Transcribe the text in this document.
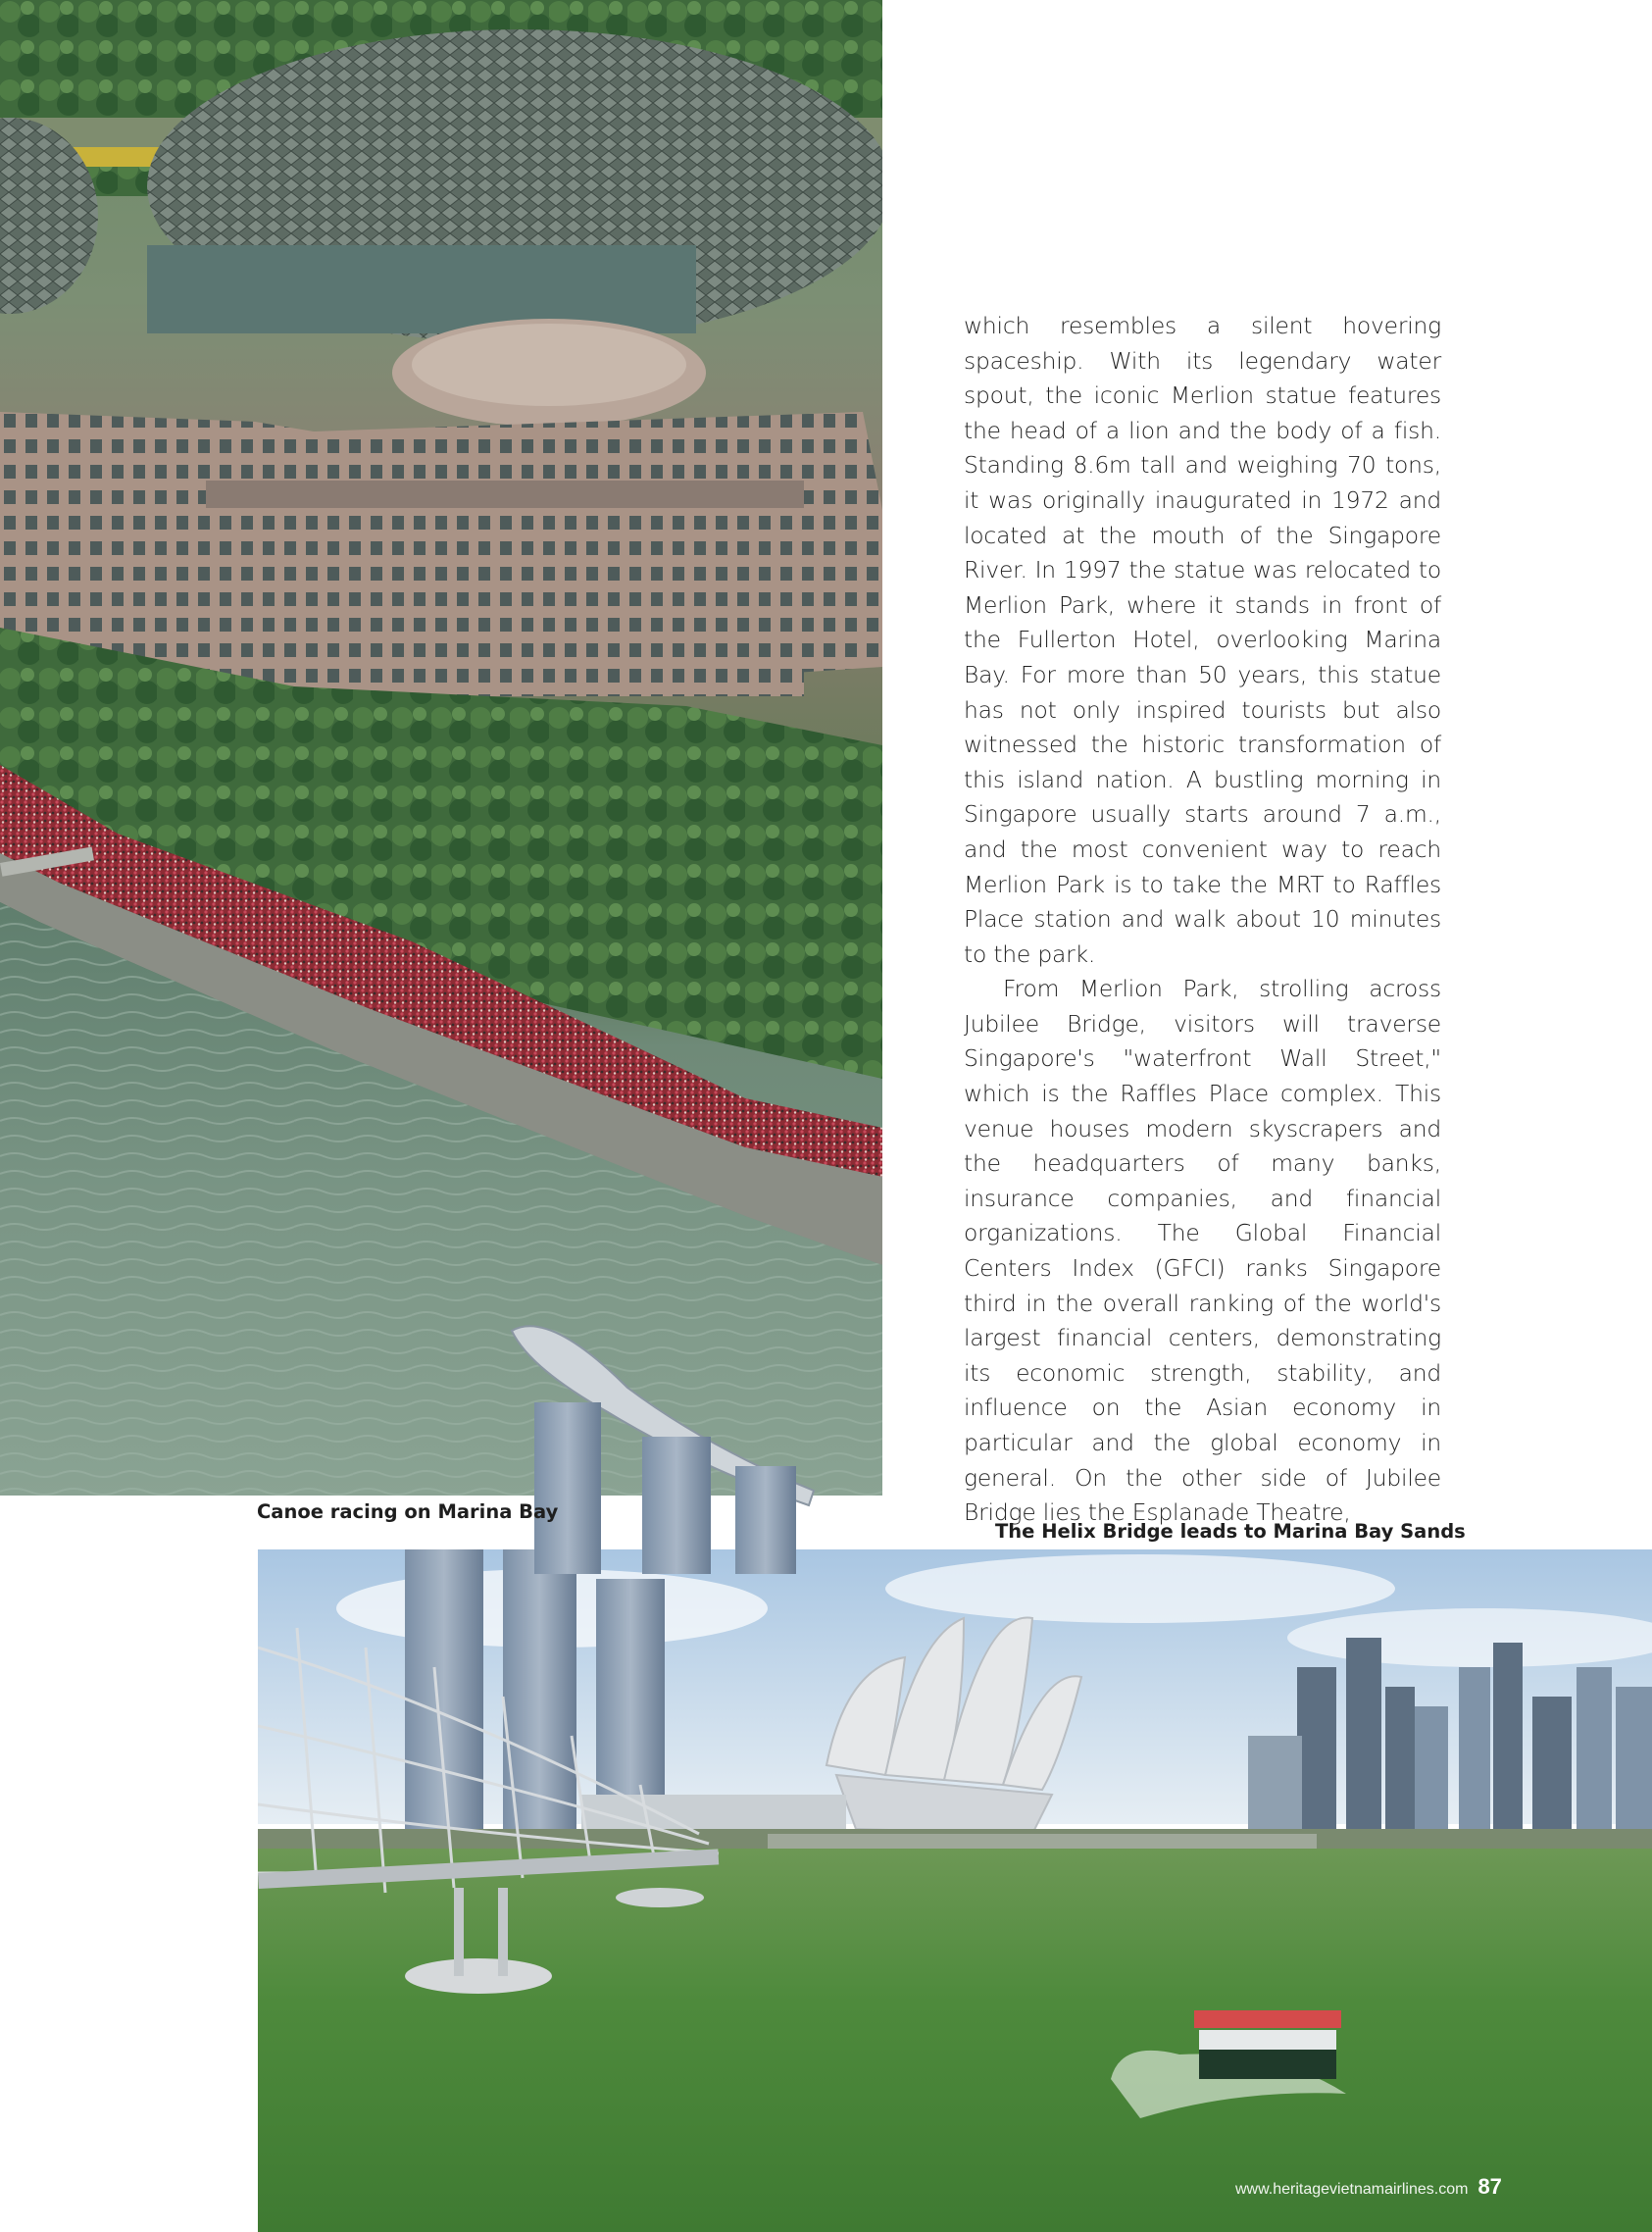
which resembles a silent hovering spaceship. With its legendary water spout, the iconic Merlion statue features the head of a lion and the body of a fish. Standing 8.6m tall and weighing 70 tons, it was originally inaugurated in 1972 and located at the mouth of the Singapore River. In 1997 the statue was relocated to Merlion Park, where it stands in front of the Fullerton Hotel, overlooking Marina Bay. For more than 50 years, this statue has not only inspired tourists but also witnessed the historic transformation of this island nation. A bustling morning in Singapore usually starts around 7 a.m., and the most convenient way to reach Merlion Park is to take the MRT to Raffles Place station and walk about 10 minutes to the park.

From Merlion Park, strolling across Jubilee Bridge, visitors will traverse Singapore's "waterfront Wall Street," which is the Raffles Place complex. This venue houses modern skyscrapers and the headquarters of many banks, insurance companies, and financial organizations. The Global Financial Centers Index (GFCI) ranks Singapore third in the overall ranking of the world's largest financial centers, demonstrating its economic strength, stability, and influence on the Asian economy in particular and the global economy in general. On the other side of Jubilee Bridge lies the Esplanade Theatre,

Canoe racing on Marina Bay
The Helix Bridge leads to Marina Bay Sands
www.heritagevietnamairlines.com 87
